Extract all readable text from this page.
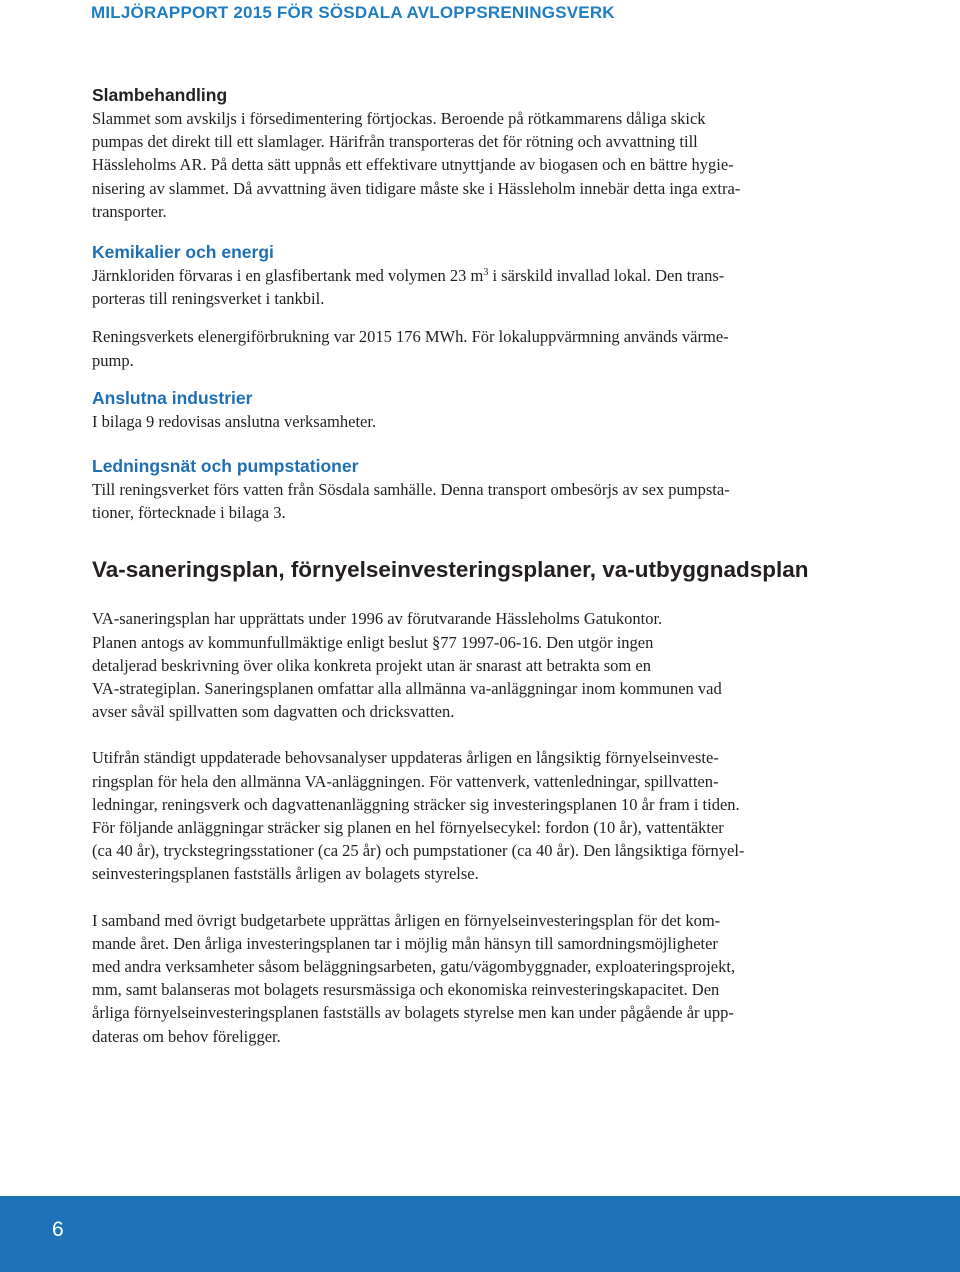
MILJÖRAPPORT 2015 FÖR SÖSDALA AVLOPPSRENINGSVERK
Slambehandling

Slammet som avskiljs i försedimentering förtjockas. Beroende på rötkammarens dåliga skick
pumpas det direkt till ett slamlager. Härifrån transporteras det för rötning och avvattning till
Hässleholms AR. På detta sätt uppnås ett effektivare utnyttjande av biogasen och en bättre hygie-
nisering av slammet. Då avvattning även tidigare måste ske i Hässleholm innebär detta inga extra-
transporter.

Kemikalier och energi

Järnkloriden förvaras i en glasfibertank med volymen 23 $m^3$ i särskild invallad lokal. Den trans-
porteras till reningsverket i tankbil.

Reningsverkets elenergiförbrukning var 2015 176 MWh. För lokaluppvärmning används värme-
pump.

Anslutna industrier

I bilaga 9 redovisas anslutna verksamheter.

Ledningsnät och pumpstationer

Till reningsverket förs vatten från Sösdala samhälle. Denna transport ombesörjs av sex pumpsta-
tioner, förtecknade i bilaga 3.

Va-saneringsplan, förnyelseinvesteringsplaner, va-utbyggnadsplan

VA-saneringsplan har upprättats under 1996 av förutvarande Hässleholms Gatukontor.
Planen antogs av kommunfullmäktige enligt beslut §77 1997-06-16. Den utgör ingen
detaljerad beskrivning över olika konkreta projekt utan är snarast att betrakta som en
VA-strategiplan. Saneringsplanen omfattar alla allmänna va-anläggningar inom kommunen vad
avser såväl spillvatten som dagvatten och dricksvatten.

Utifrån ständigt uppdaterade behovsanalyser uppdateras årligen en långsiktig förnyelseinveste-
ringsplan för hela den allmänna VA-anläggningen. För vattenverk, vattenledningar, spillvatten-
ledningar, reningsverk och dagvattenanläggning sträcker sig investeringsplanen 10 år fram i tiden.
För följande anläggningar sträcker sig planen en hel förnyelsecykel: fordon (10 år), vattentäkter
(ca 40 år), tryckstegringsstationer (ca 25 år) och pumpstationer (ca 40 år). Den långsiktiga förnyel-
seinvesteringsplanen fastställs årligen av bolagets styrelse.

I samband med övrigt budgetarbete upprättas årligen en förnyelseinvesteringsplan för det kom-
mande året. Den årliga investeringsplanen tar i möjlig mån hänsyn till samordningsmöjligheter
med andra verksamheter såsom beläggningsarbeten, gatu/vägombyggnader, exploateringsprojekt,
mm, samt balanseras mot bolagets resursmässiga och ekonomiska reinvesteringskapacitet. Den
årliga förnyelseinvesteringsplanen fastställs av bolagets styrelse men kan under pågående år upp-
dateras om behov föreligger.

6
